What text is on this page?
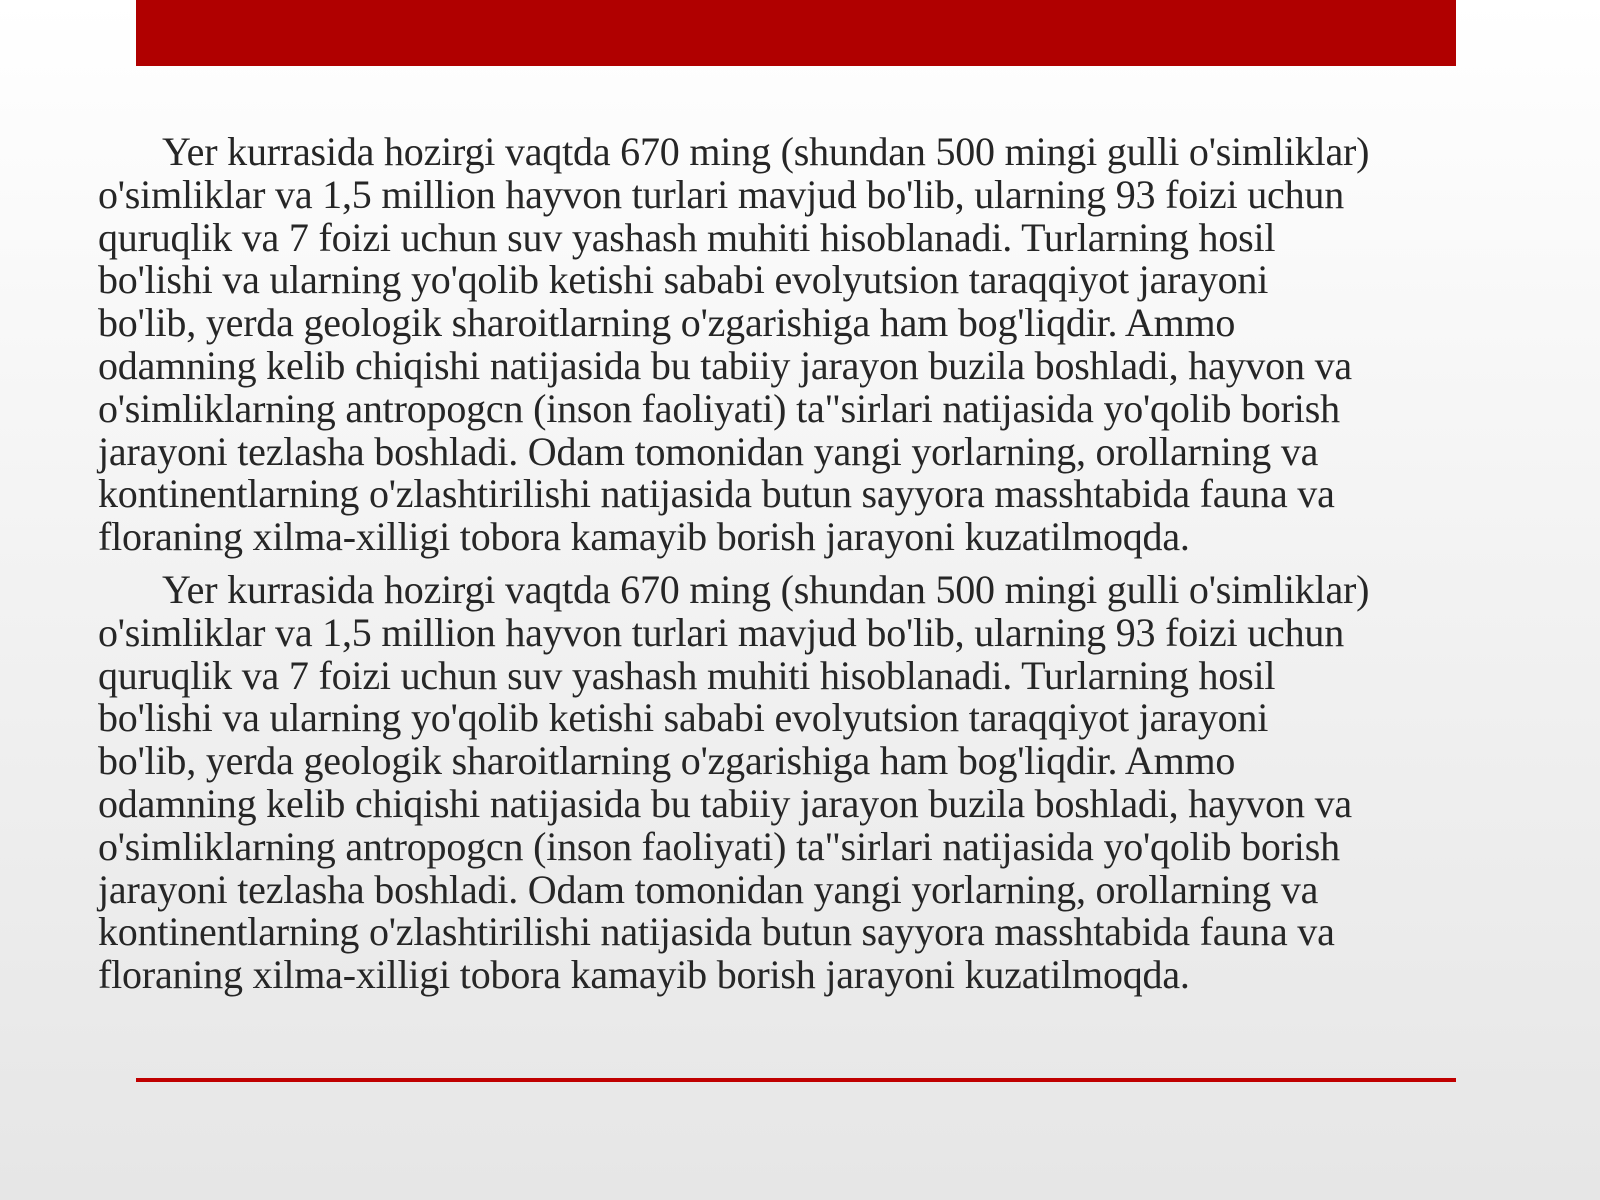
Yer kurrasida hozirgi vaqtda 670 ming (shundan 500 mingi gulli o'simliklar)
o'simliklar va 1,5 million hayvon turlari mavjud bo'lib, ularning 93 foizi uchun
quruqlik va 7 foizi uchun suv yashash muhiti hisoblanadi. Turlarning hosil
bo'lishi va ularning yo'qolib ketishi sababi evolyutsion taraqqiyot jarayoni
bo'lib, yerda geologik sharoitlarning o'zgarishiga ham bog'liqdir. Ammo
odamning kelib chiqishi natijasida bu tabiiy jarayon buzila boshladi, hayvon va
o'simliklarning antropogcn (inson faoliyati) ta"sirlari natijasida yo'qolib borish
jarayoni tezlasha boshladi. Odam tomonidan yangi yorlarning, orollarning va
kontinentlarning o'zlashtirilishi natijasida butun sayyora masshtabida fauna va
floraning xilma-xilligi tobora kamayib borish jarayoni kuzatilmoqda.

Yer kurrasida hozirgi vaqtda 670 ming (shundan 500 mingi gulli o'simliklar)
o'simliklar va 1,5 million hayvon turlari mavjud bo'lib, ularning 93 foizi uchun
quruqlik va 7 foizi uchun suv yashash muhiti hisoblanadi. Turlarning hosil
bo'lishi va ularning yo'qolib ketishi sababi evolyutsion taraqqiyot jarayoni
bo'lib, yerda geologik sharoitlarning o'zgarishiga ham bog'liqdir. Ammo
odamning kelib chiqishi natijasida bu tabiiy jarayon buzila boshladi, hayvon va
o'simliklarning antropogcn (inson faoliyati) ta"sirlari natijasida yo'qolib borish
jarayoni tezlasha boshladi. Odam tomonidan yangi yorlarning, orollarning va
kontinentlarning o'zlashtirilishi natijasida butun sayyora masshtabida fauna va
floraning xilma-xilligi tobora kamayib borish jarayoni kuzatilmoqda.
